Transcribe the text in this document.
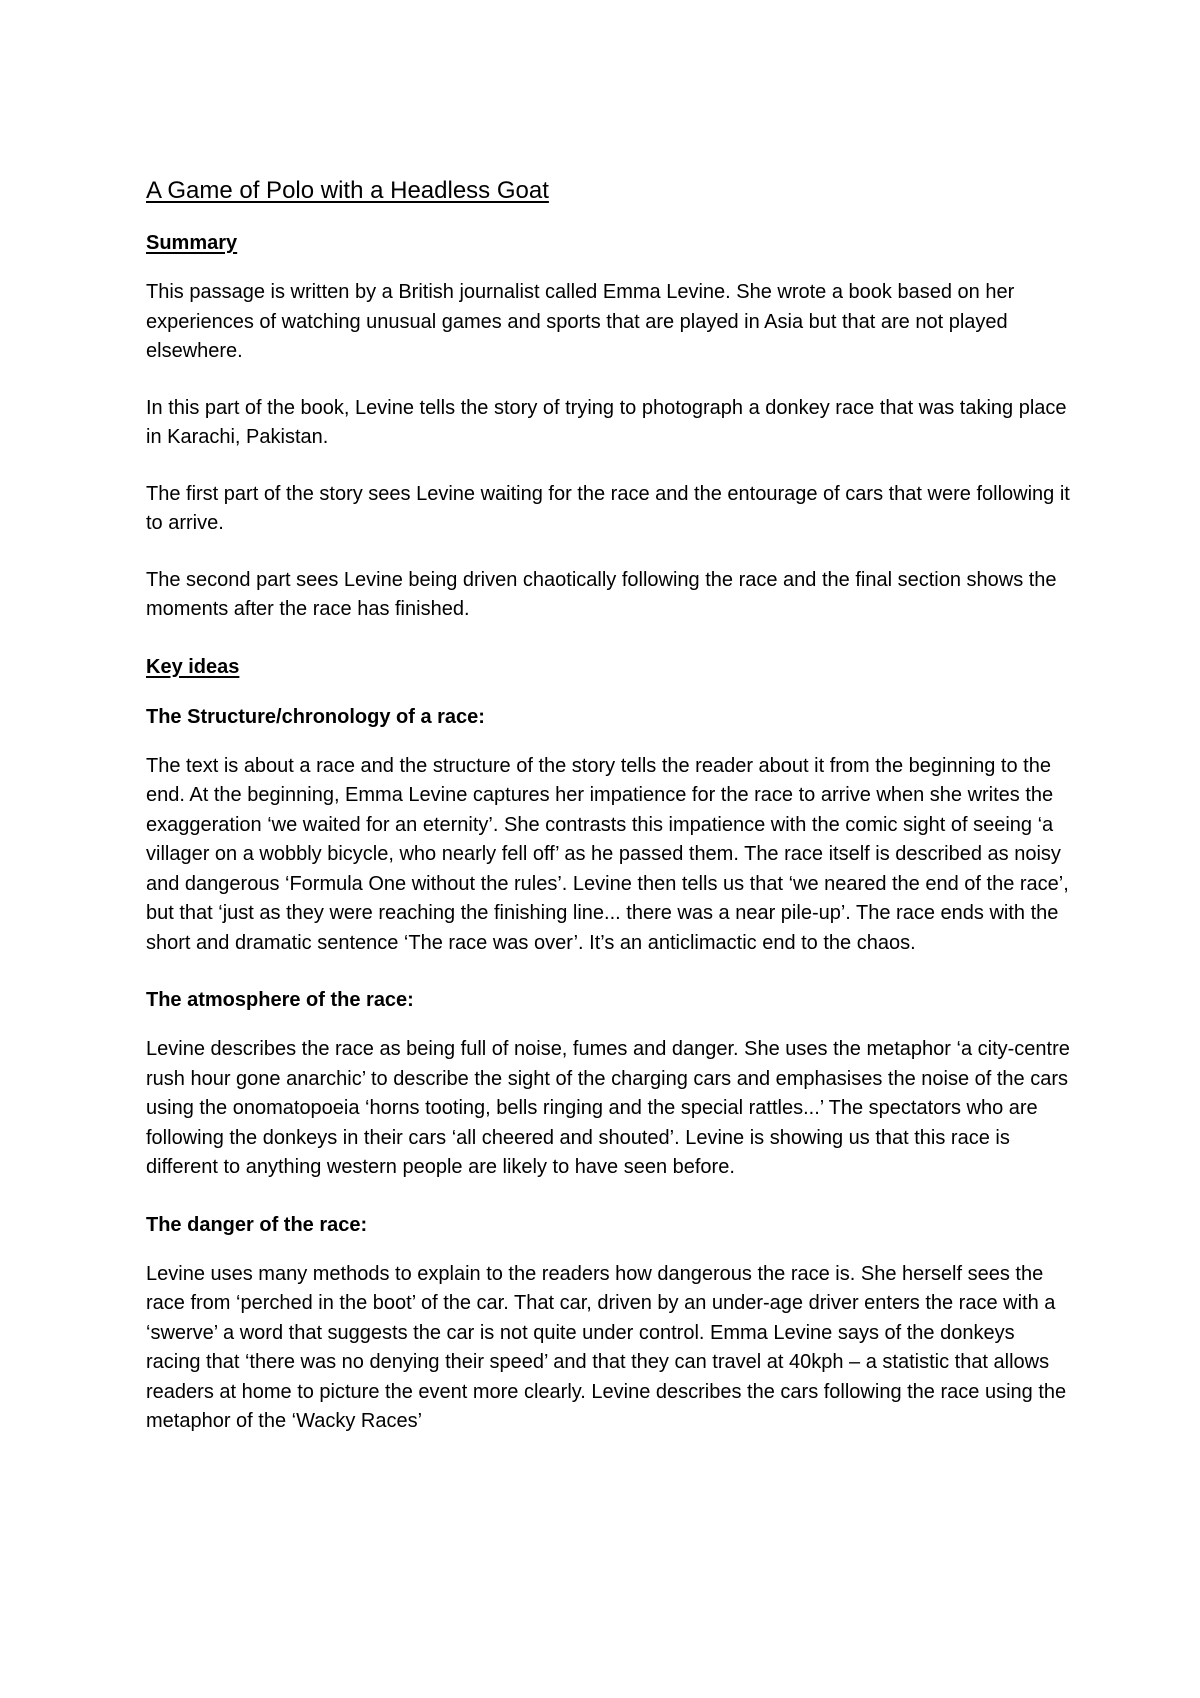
A Game of Polo with a Headless Goat
Summary

This passage is written by a British journalist called Emma Levine. She wrote a book based on her experiences of watching unusual games and sports that are played in Asia but that are not played elsewhere.

In this part of the book, Levine tells the story of trying to photograph a donkey race that was taking place in Karachi, Pakistan.

The first part of the story sees Levine waiting for the race and the entourage of cars that were following it to arrive.

The second part sees Levine being driven chaotically following the race and the final section shows the moments after the race has finished.

Key ideas
The Structure/chronology of a race:

The text is about a race and the structure of the story tells the reader about it from the beginning to the end. At the beginning, Emma Levine captures her impatience for the race to arrive when she writes the exaggeration ‘we waited for an eternity’. She contrasts this impatience with the comic sight of seeing ‘a villager on a wobbly bicycle, who nearly fell off’ as he passed them. The race itself is described as noisy and dangerous ‘Formula One without the rules’. Levine then tells us that ‘we neared the end of the race’, but that ‘just as they were reaching the finishing line... there was a near pile-up’. The race ends with the short and dramatic sentence ‘The race was over’. It’s an anticlimactic end to the chaos.

The atmosphere of the race:

Levine describes the race as being full of noise, fumes and danger. She uses the metaphor ‘a city-centre rush hour gone anarchic’ to describe the sight of the charging cars and emphasises the noise of the cars using the onomatopoeia ‘horns tooting, bells ringing and the special rattles...’ The spectators who are following the donkeys in their cars ‘all cheered and shouted’. Levine is showing us that this race is different to anything western people are likely to have seen before.

The danger of the race:

Levine uses many methods to explain to the readers how dangerous the race is. She herself sees the race from ‘perched in the boot’ of the car. That car, driven by an under-age driver enters the race with a ‘swerve’ a word that suggests the car is not quite under control. Emma Levine says of the donkeys racing that ‘there was no denying their speed’ and that they can travel at 40kph – a statistic that allows readers at home to picture the event more clearly. Levine describes the cars following the race using the metaphor of the ‘Wacky Races’
